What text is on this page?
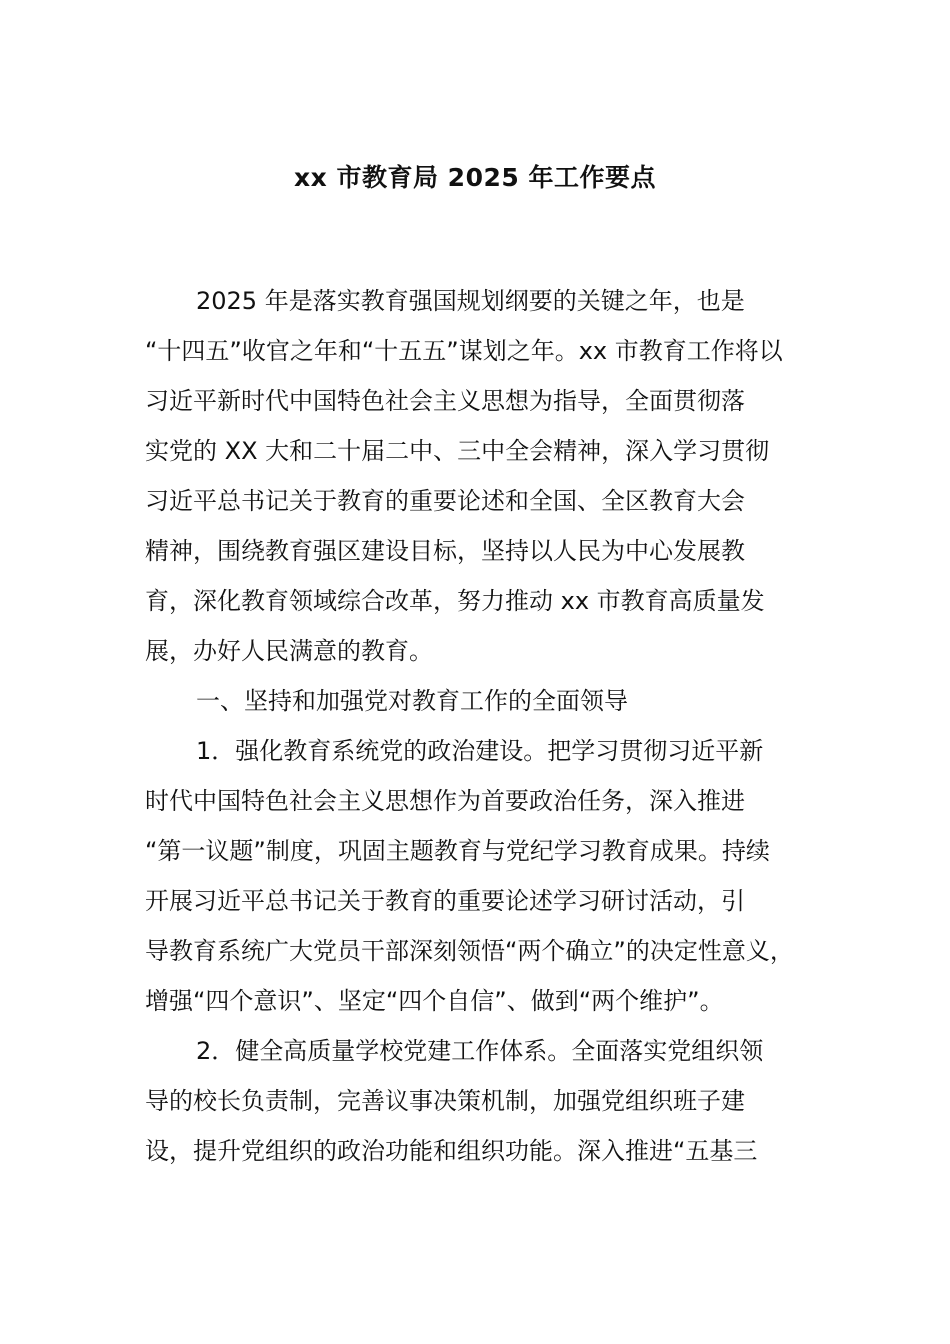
xx 市教育局 2025 年工作要点
2025 年是落实教育强国规划纲要的关键之年，也是
“十四五”收官之年和“十五五”谋划之年。xx 市教育工作将以
习近平新时代中国特色社会主义思想为指导，全面贯彻落
实党的 XX 大和二十届二中、三中全会精神，深入学习贯彻
习近平总书记关于教育的重要论述和全国、全区教育大会
精神，围绕教育强区建设目标，坚持以人民为中心发展教
育，深化教育领域综合改革，努力推动 xx 市教育高质量发
展，办好人民满意的教育。
一、坚持和加强党对教育工作的全面领导
1．强化教育系统党的政治建设。把学习贯彻习近平新
时代中国特色社会主义思想作为首要政治任务，深入推进
“第一议题”制度，巩固主题教育与党纪学习教育成果。持续
开展习近平总书记关于教育的重要论述学习研讨活动，引
导教育系统广大党员干部深刻领悟“两个确立”的决定性意义，
增强“四个意识”、坚定“四个自信”、做到“两个维护”。
2．健全高质量学校党建工作体系。全面落实党组织领
导的校长负责制，完善议事决策机制，加强党组织班子建
设，提升党组织的政治功能和组织功能。深入推进“五基三
